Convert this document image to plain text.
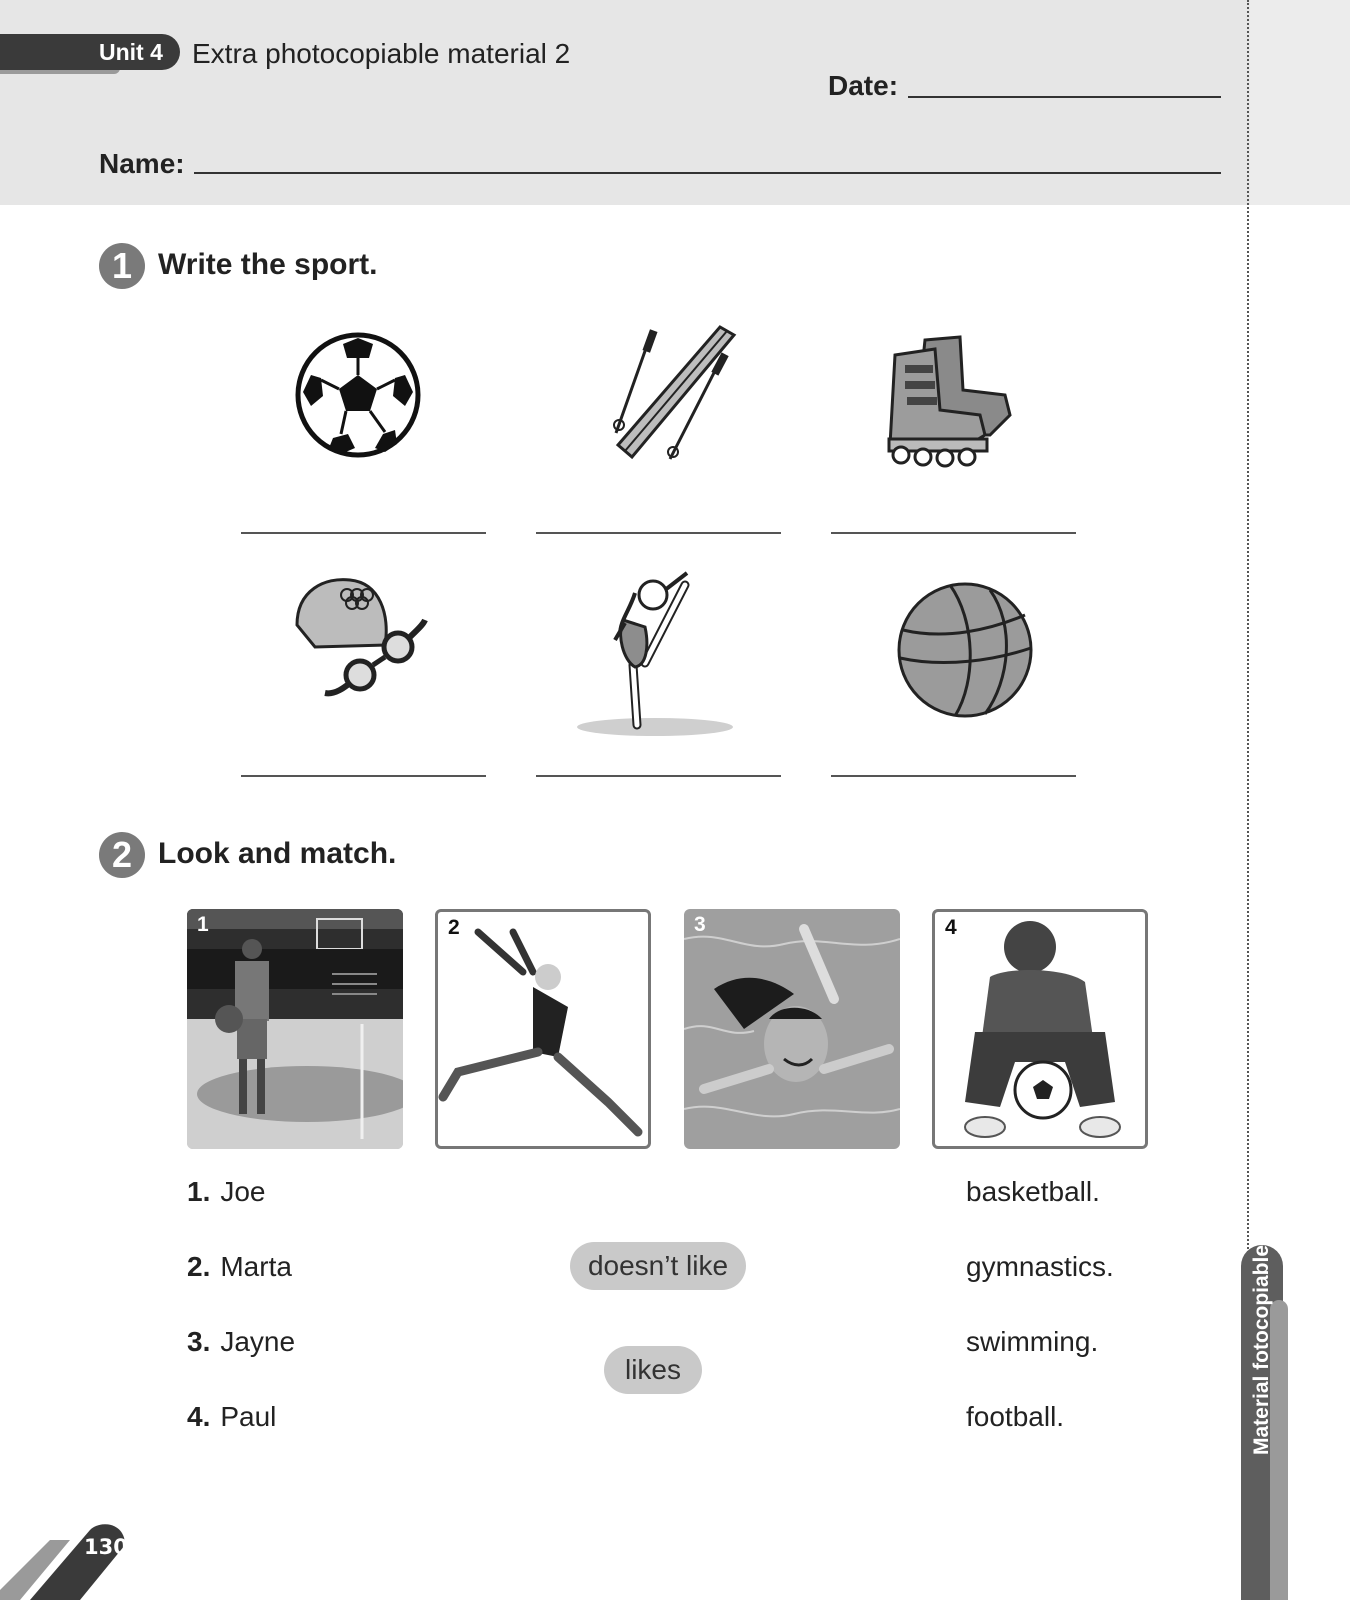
Unit 4 Extra photocopiable material 2
Date:
Name:
1 Write the sport.
2 Look and match.
1	2	3	4
1. Joe
2. Marta
3. Jayne
4. Paul
doesn’t like
likes
basketball.
gymnastics.
swimming.
football.	Material fotocopiable
130
